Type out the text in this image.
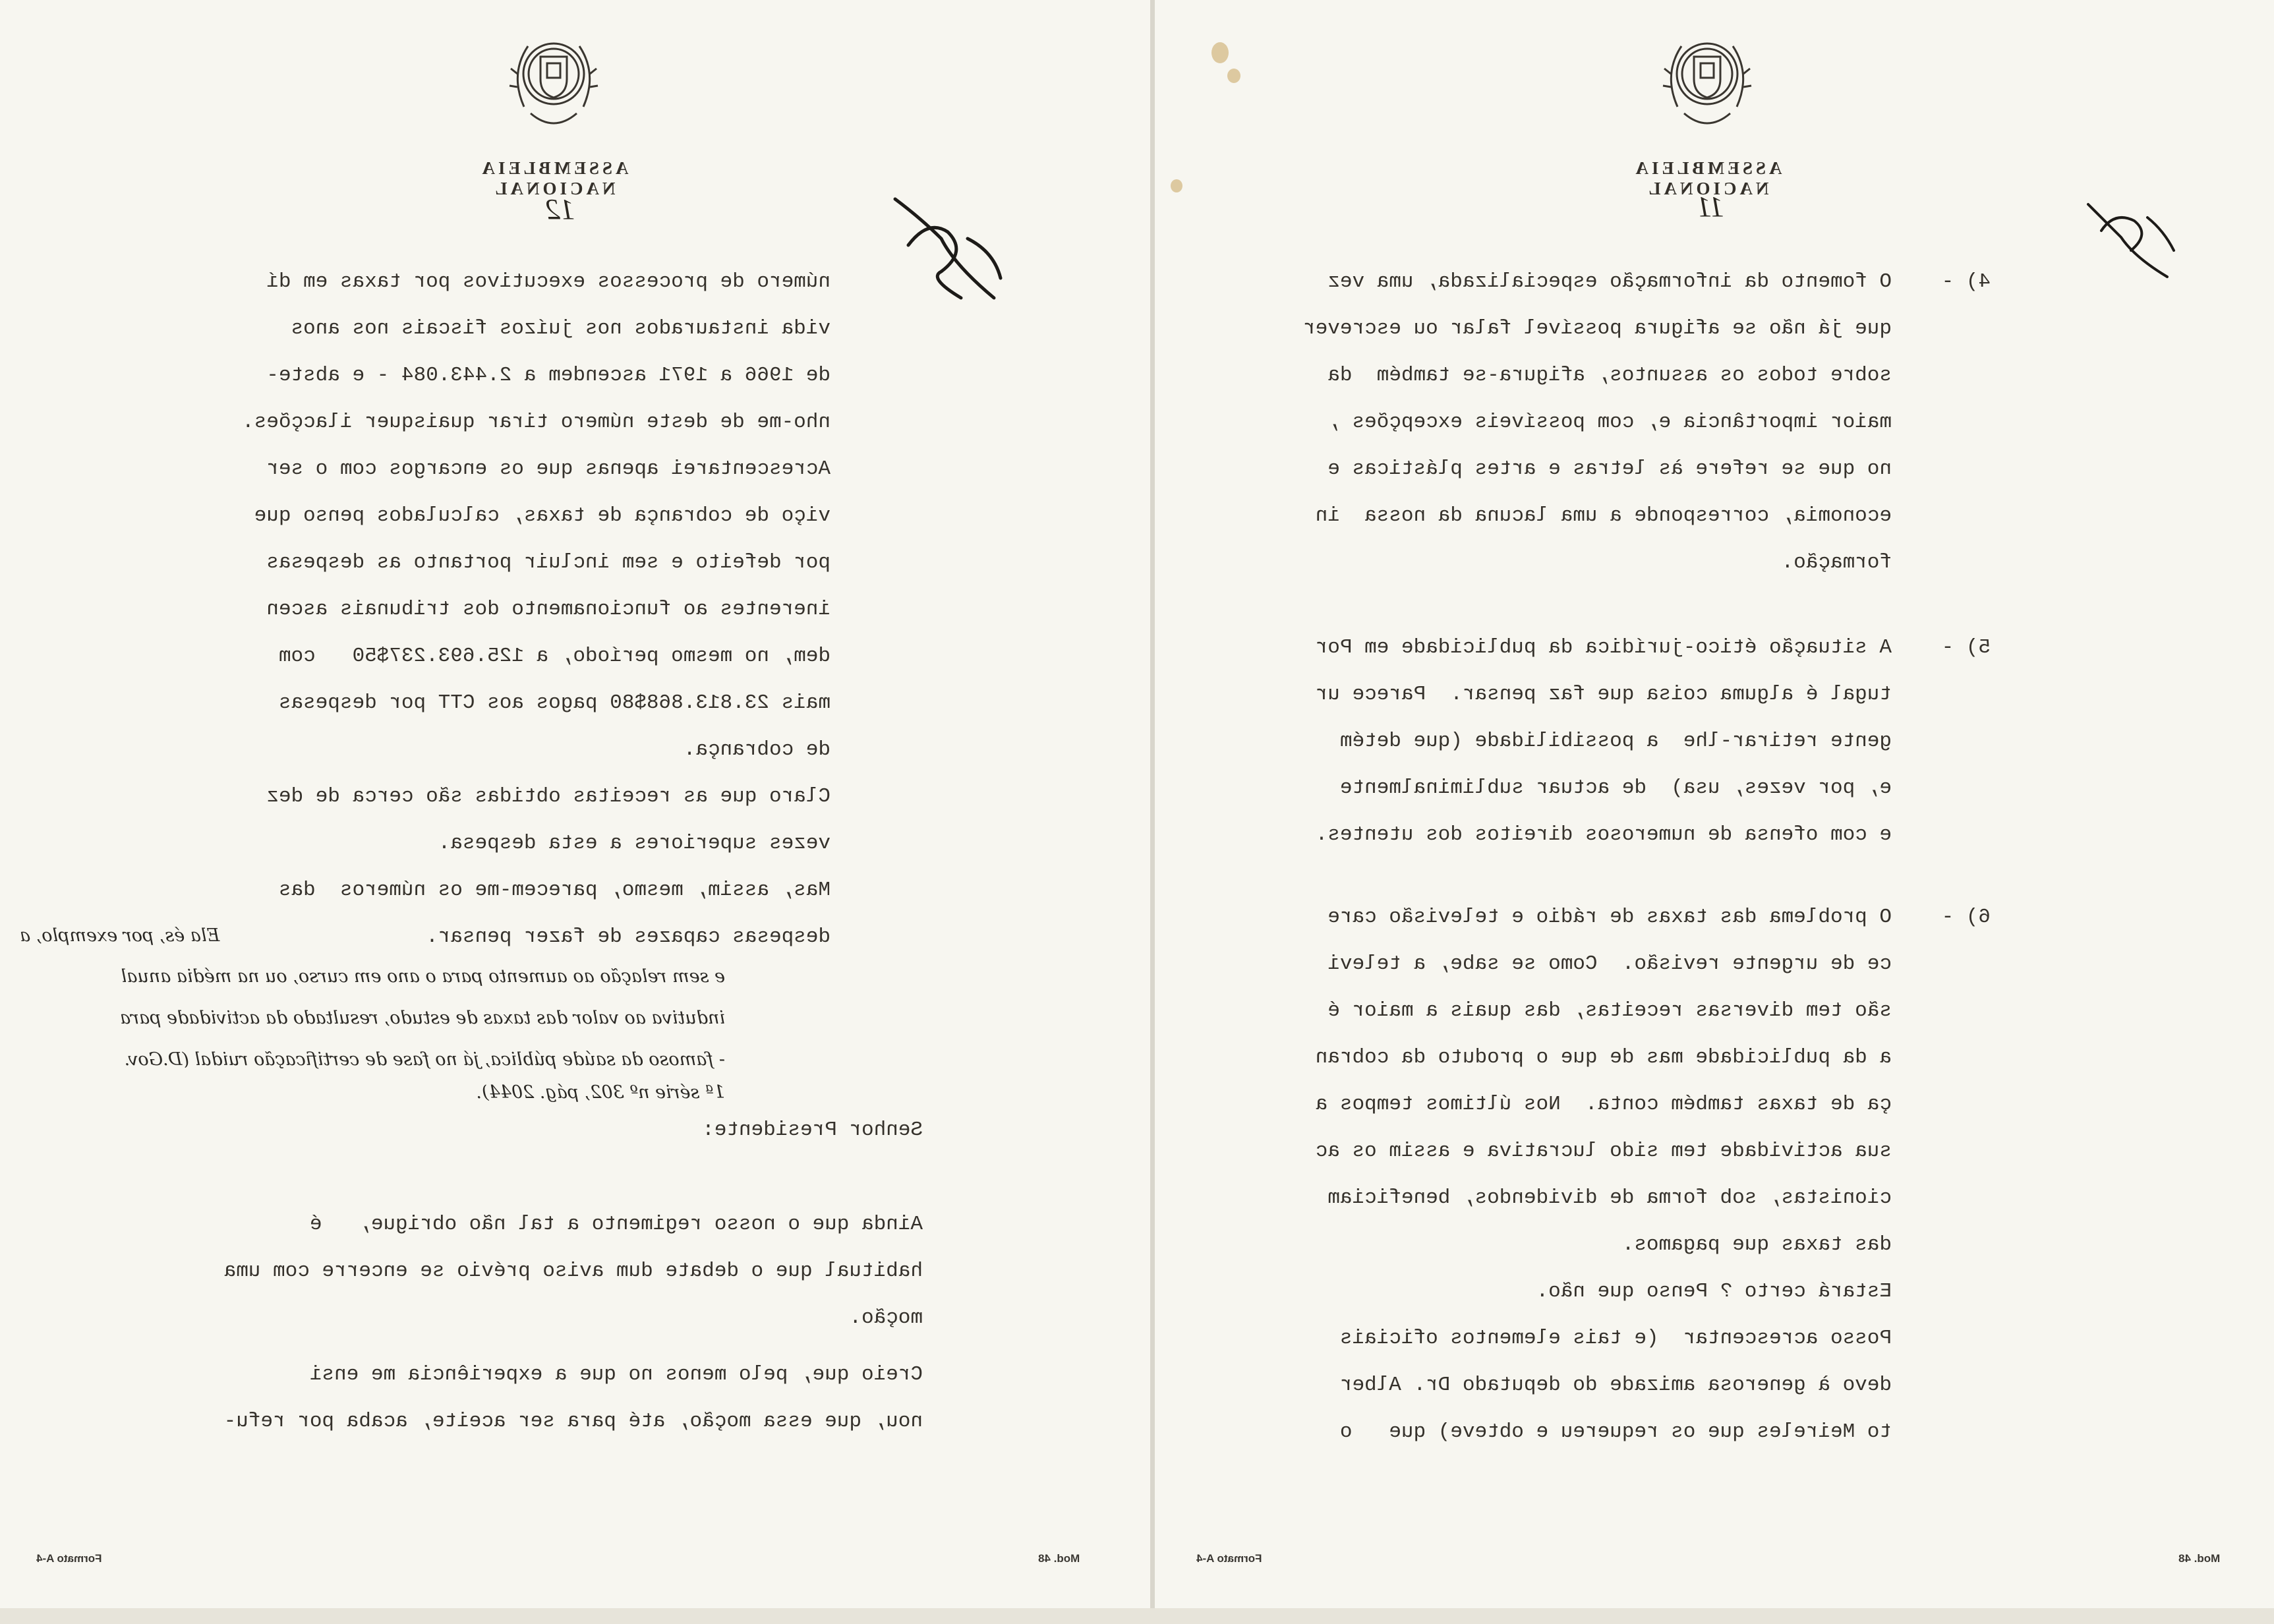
ASSEMBLEIA NACIONAL
ASSEMBLEIA NACIONAL
12	11
número de processos executivos por taxas em dí
vida instaurados nos juízos fiscais nos anos
de 1966 a 1971 ascendem a 2.443.084 - e abste-
nho-me de deste número tirar quaisquer ilacções.
Acrescentarei apenas que os encargos com o ser
viço de cobrança de taxas, calculados penso que
por defeito e sem incluir portanto as despesas
inerentes ao funcionamento dos tribunais ascen
dem, no mesmo período, a 125.693.237$50   com
mais 23.813.868$80 pagos aos CTT por despesas
de cobrança.
Claro que as receitas obtidas são cerca de dez
vezes superiores a esta despesa.
Mas, assim, mesmo, parecem-me os números  das
despesas capazes de fazer pensar.
Ela és, por exemplo, a
e sem relação ao aumento para o ano em curso, ou na média anual
indutiva ao valor das taxas de estudo, resultado da actividade para
- famoso da saúde pública, já no fase de certificação ruidal (D.Gov.
1ª série nº 302, pág. 2044).
Senhor Presidente:
Ainda que o nosso regimento a tal não obrigue,   é
habitual que o debate dum aviso prévio se encerre com uma
moção.
Creio que, pelo menos no que a experiência me ensi
nou, que essa moção, até para ser aceite, acaba por refu-
Mod. 48
Formato A-4
4) -
O fomento da informação especializada, uma vez
que já não se afigura possível falar ou escrever
sobre todos os assuntos, afigura-se também  da
maior importância e, com possíveis excepções ,
no que se refere às letras e artes plásticas e
economia, corresponde a uma lacuna da nossa  in
formação.
5) -
A situação ético-jurídica da publicidade em Por
tugal é alguma coisa que faz pensar.  Parece ur
gente retirar-lhe  a possibilidade (que detém
e, por vezes, usa)  de actuar subliminalmente
e com ofensa de numerosos direitos dos utentes.
6) -
O problema das taxas de rádio e televisão care
ce de urgente revisão.  Como se sabe, a televi
são tem diversas receitas, das quais a maior é
a da publicidade mas de que o produto da cobran
ça de taxas também conta.  Nos últimos tempos a
sua actividade tem sido lucrativa e assim os ac
cionistas, sob forma de dividendos, beneficiam
das taxas que pagamos.
Estará certo ? Penso que não.
Posso acrescentar  (e tais elementos oficiais
devo à generosa amizade do deputado Dr. Alber
to Meireles que os requereu e obteve) que   o
Mod. 48
Formato A-4
